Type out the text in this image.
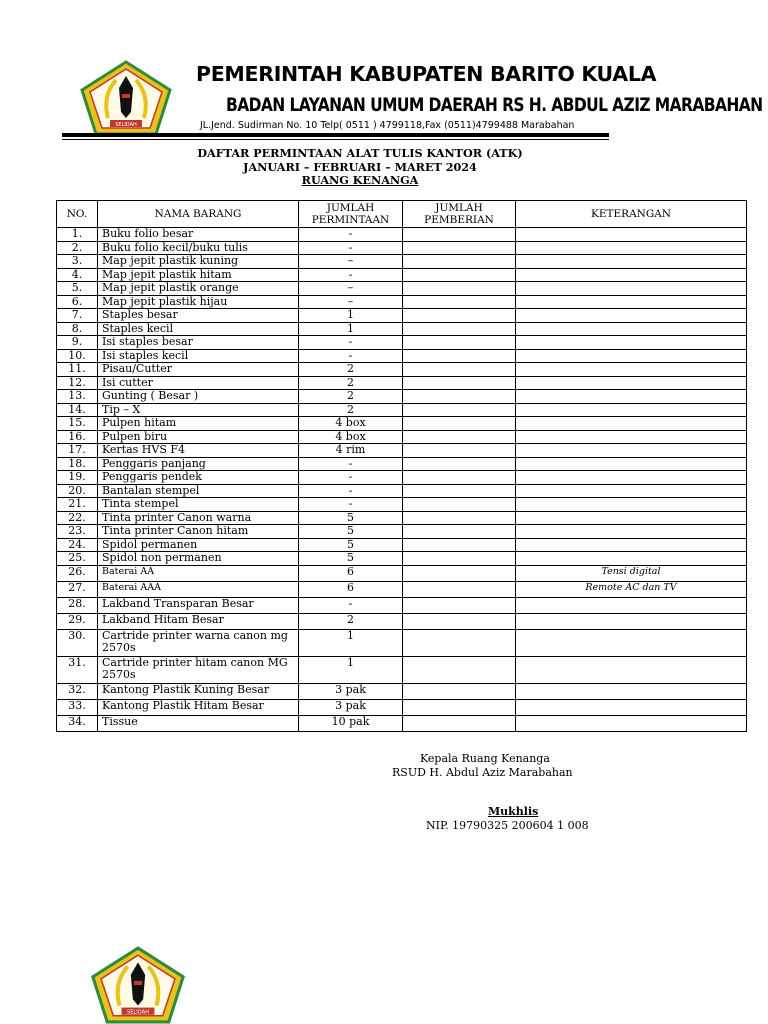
SELIDAH
PEMERINTAH KABUPATEN BARITO KUALA
BADAN LAYANAN UMUM DAERAH RS H. ABDUL AZIZ MARABAHAN
JL.Jend. Sudirman No. 10 Telp( 0511 ) 4799118,Fax (0511)4799488 Marabahan
DAFTAR PERMINTAAN ALAT TULIS KANTOR (ATK)
JANUARI – FEBRUARI – MARET 2024
RUANG KENANGA
NO.	NAMA BARANG	JUMLAH PERMINTAAN	JUMLAH PEMBERIAN	KETERANGAN
1.	Buku folio besar	-		
2.	Buku folio kecil/buku tulis	-		
3.	Map jepit plastik kuning	–		
4.	Map jepit plastik hitam	-		
5.	Map jepit plastik orange	–		
6.	Map jepit plastik hijau	–		
7.	Staples besar	1		
8.	Staples kecil	1		
9.	Isi staples besar	-		
10.	Isi staples kecil	-		
11.	Pisau/Cutter	2		
12.	Isi cutter	2		
13.	Gunting ( Besar )	2		
14.	Tip – X	2		
15.	Pulpen hitam	4 box		
16.	Pulpen biru	4 box		
17.	Kertas HVS F4	4 rim		
18.	Penggaris panjang	-		
19.	Penggaris pendek	-		
20.	Bantalan stempel	-		
21.	Tinta stempel	-		
22.	Tinta printer Canon warna	5		
23.	Tinta printer Canon hitam	5		
24.	Spidol permanen	5		
25.	Spidol non permanen	5		
26.	Baterai AA	6		Tensi digital
27.	Baterai AAA	6		Remote AC dan TV
28.	Lakband Transparan Besar	-		
29.	Lakband Hitam Besar	2		
30.	Cartride printer warna canon mg 2570s	1		
31.	Cartride printer hitam canon MG 2570s	1		
32.	Kantong Plastik Kuning Besar	3 pak		
33.	Kantong Plastik Hitam Besar	3 pak		
34.	Tissue	10 pak		
Kepala Ruang Kenanga
RSUD H. Abdul Aziz Marabahan
Mukhlis
NIP. 19790325 200604 1 008
SELIDAH
